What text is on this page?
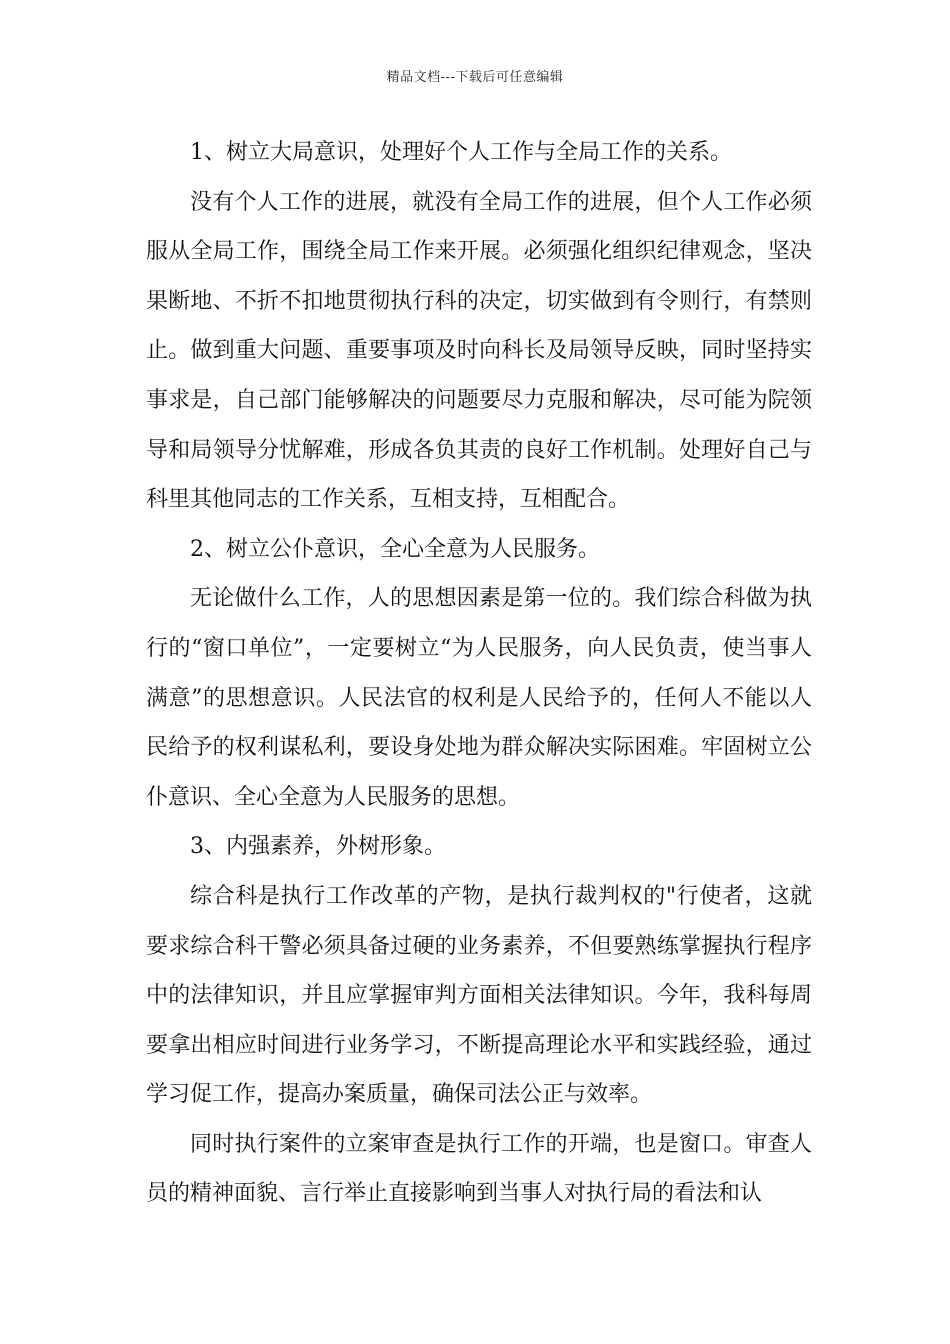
精品文档---下载后可任意编辑

1、树立大局意识，处理好个人工作与全局工作的关系。

没有个人工作的进展，就没有全局工作的进展，但个人工作必须服从全局工作，围绕全局工作来开展。必须强化组织纪律观念，坚决果断地、不折不扣地贯彻执行科的决定，切实做到有令则行，有禁则止。做到重大问题、重要事项及时向科长及局领导反映，同时坚持实事求是，自己部门能够解决的问题要尽力克服和解决，尽可能为院领导和局领导分忧解难，形成各负其责的良好工作机制。处理好自己与科里其他同志的工作关系，互相支持，互相配合。

2、树立公仆意识，全心全意为人民服务。

无论做什么工作，人的思想因素是第一位的。我们综合科做为执行的“窗口单位”，一定要树立“为人民服务，向人民负责，使当事人满意”的思想意识。人民法官的权利是人民给予的，任何人不能以人民给予的权利谋私利，要设身处地为群众解决实际困难。牢固树立公仆意识、全心全意为人民服务的思想。

3、内强素养，外树形象。

综合科是执行工作改革的产物，是执行裁判权的"行使者，这就要求综合科干警必须具备过硬的业务素养，不但要熟练掌握执行程序中的法律知识，并且应掌握审判方面相关法律知识。今年，我科每周要拿出相应时间进行业务学习，不断提高理论水平和实践经验，通过学习促工作，提高办案质量，确保司法公正与效率。

同时执行案件的立案审查是执行工作的开端，也是窗口。审查人员的精神面貌、言行举止直接影响到当事人对执行局的看法和认
